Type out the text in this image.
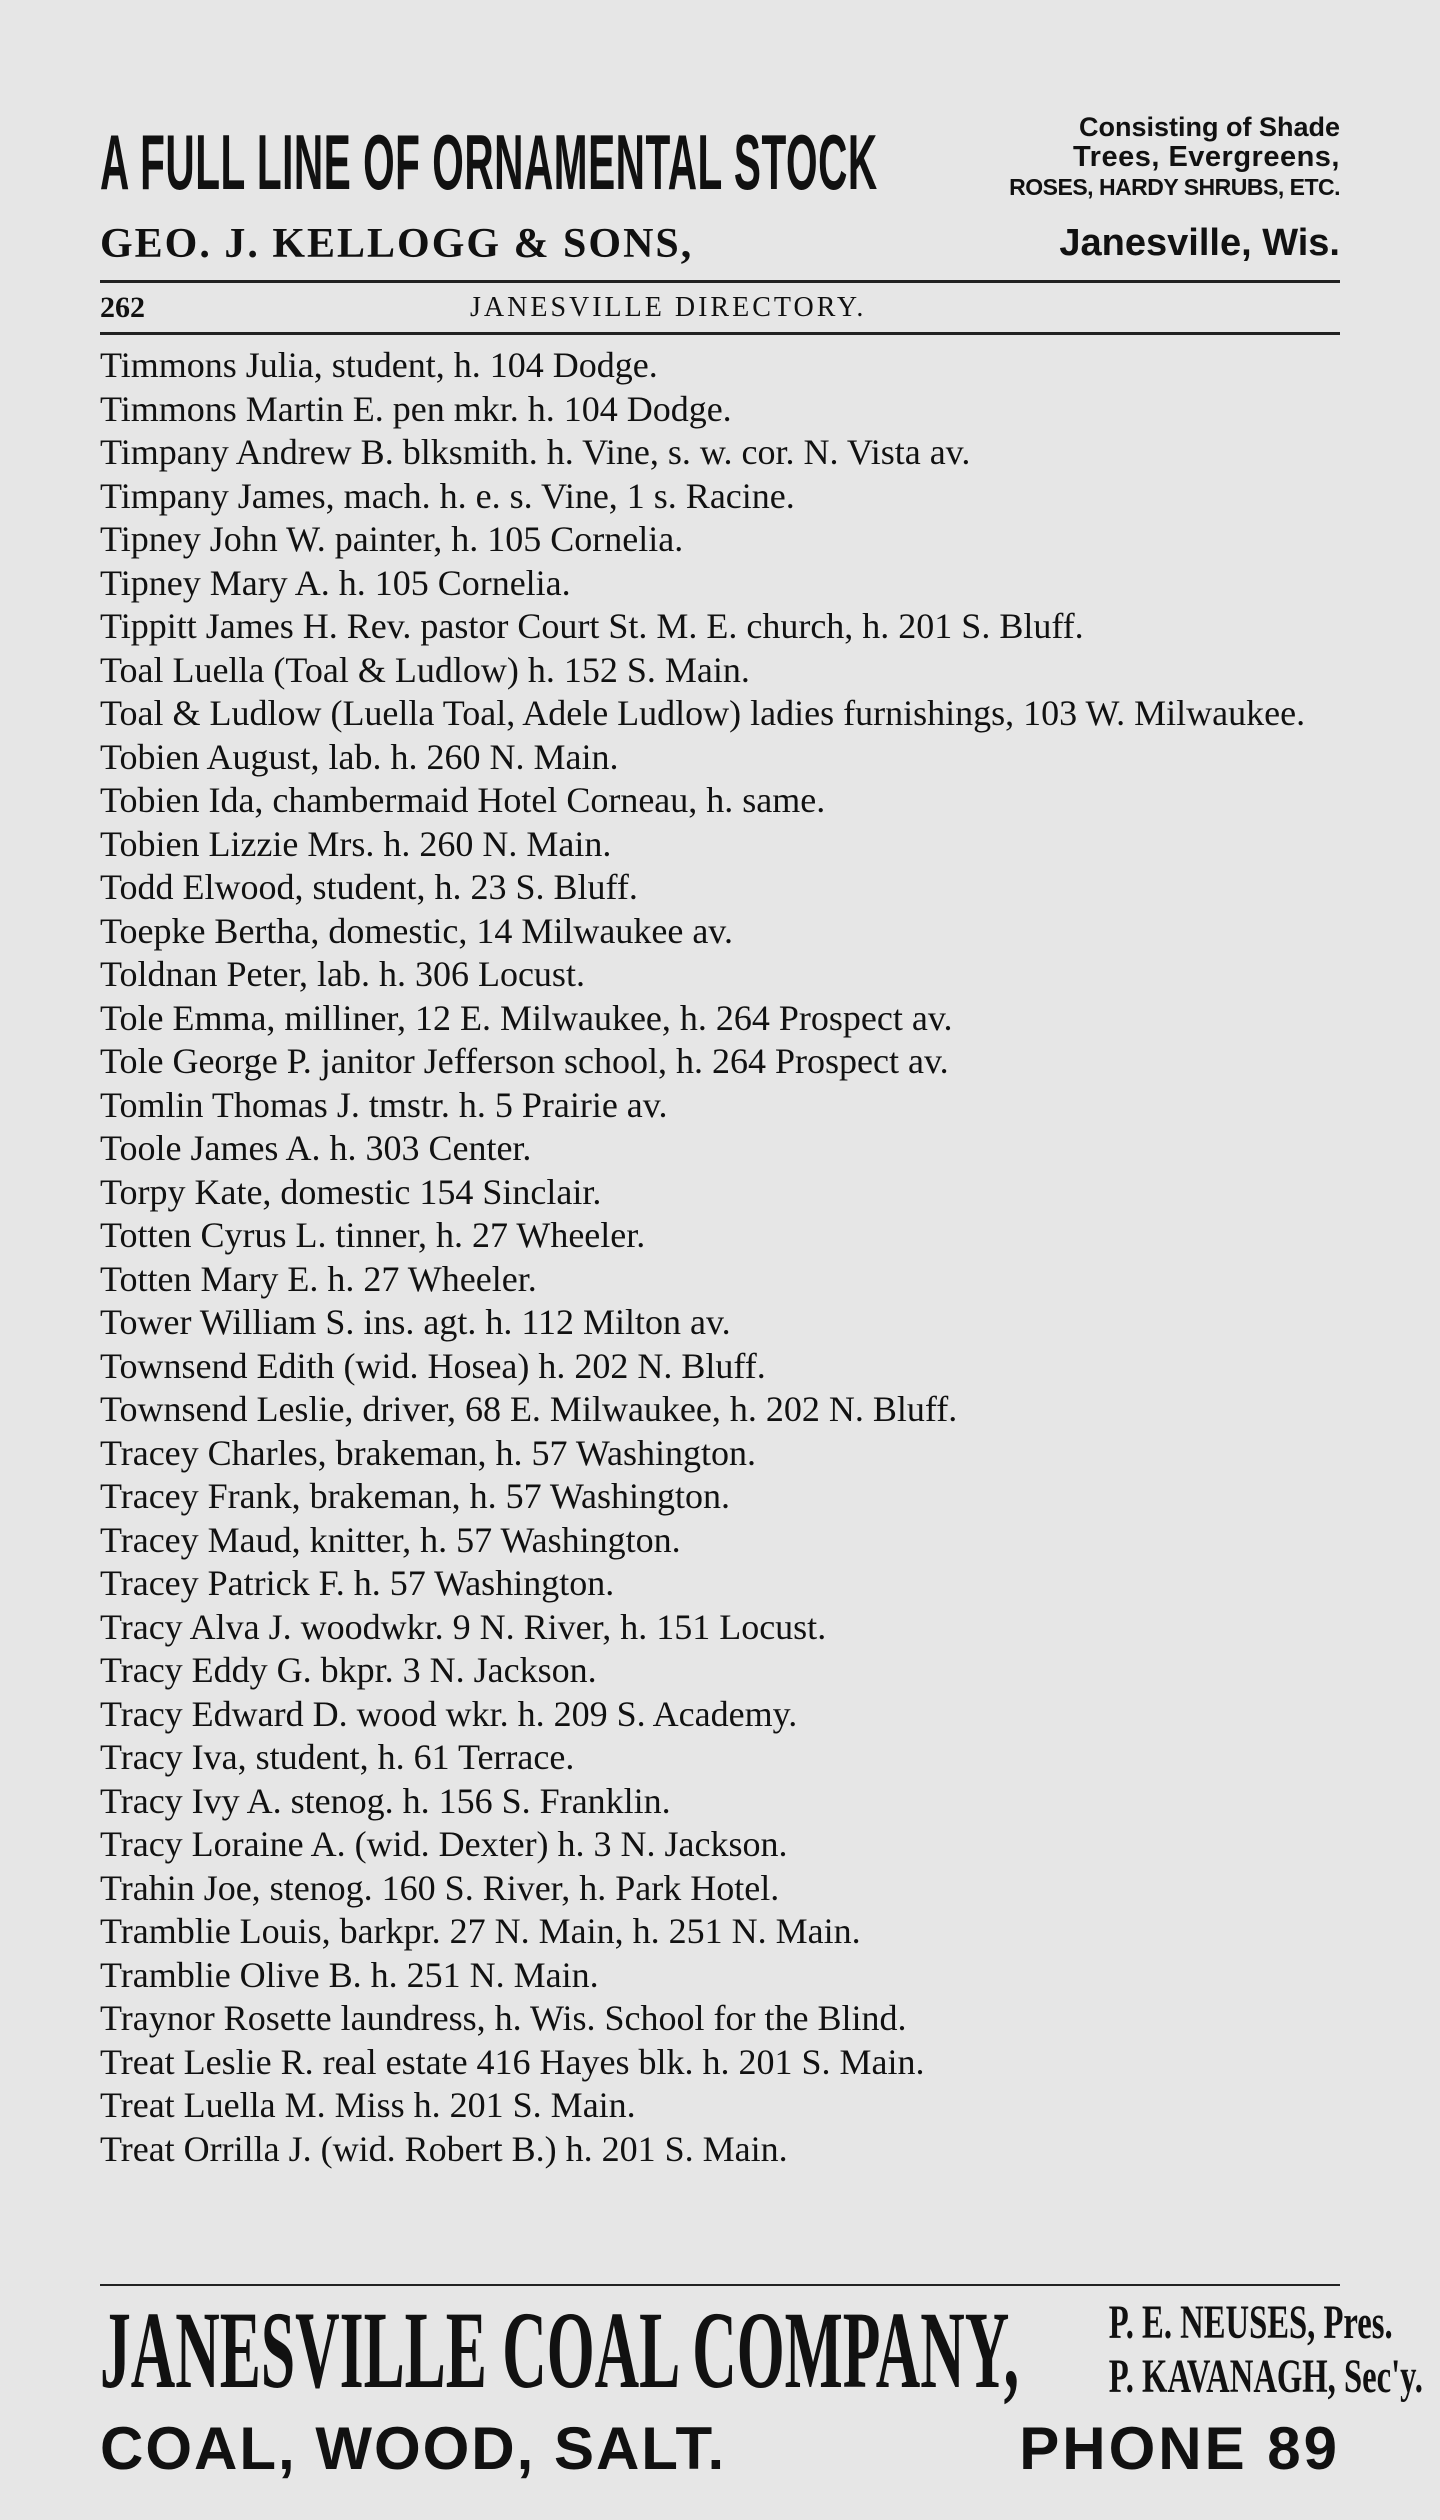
A FULL LINE OF ORNAMENTAL STOCK	Consisting of Shade
Trees, Evergreens,
ROSES, HARDY SHRUBS, ETC.
GEO. J. KELLOGG & SONS,	Janesville, Wis.
262	JANESVILLE DIRECTORY.
Timmons Julia, student, h. 104 Dodge.
Timmons Martin E. pen mkr. h. 104 Dodge.
Timpany Andrew B. blksmith. h. Vine, s. w. cor. N. Vista av.
Timpany James, mach. h. e. s. Vine, 1 s. Racine.
Tipney John W. painter, h. 105 Cornelia.
Tipney Mary A. h. 105 Cornelia.
Tippitt James H. Rev. pastor Court St. M. E. church, h. 201 S. Bluff.
Toal Luella (Toal & Ludlow) h. 152 S. Main.
Toal & Ludlow (Luella Toal, Adele Ludlow) ladies furnishings, 103 W. Milwaukee.
Tobien August, lab. h. 260 N. Main.
Tobien Ida, chambermaid Hotel Corneau, h. same.
Tobien Lizzie Mrs. h. 260 N. Main.
Todd Elwood, student, h. 23 S. Bluff.
Toepke Bertha, domestic, 14 Milwaukee av.
Toldnan Peter, lab. h. 306 Locust.
Tole Emma, milliner, 12 E. Milwaukee, h. 264 Prospect av.
Tole George P. janitor Jefferson school, h. 264 Prospect av.
Tomlin Thomas J. tmstr. h. 5 Prairie av.
Toole James A. h. 303 Center.
Torpy Kate, domestic 154 Sinclair.
Totten Cyrus L. tinner, h. 27 Wheeler.
Totten Mary E. h. 27 Wheeler.
Tower William S. ins. agt. h. 112 Milton av.
Townsend Edith (wid. Hosea) h. 202 N. Bluff.
Townsend Leslie, driver, 68 E. Milwaukee, h. 202 N. Bluff.
Tracey Charles, brakeman, h. 57 Washington.
Tracey Frank, brakeman, h. 57 Washington.
Tracey Maud, knitter, h. 57 Washington.
Tracey Patrick F. h. 57 Washington.
Tracy Alva J. woodwkr. 9 N. River, h. 151 Locust.
Tracy Eddy G. bkpr. 3 N. Jackson.
Tracy Edward D. wood wkr. h. 209 S. Academy.
Tracy Iva, student, h. 61 Terrace.
Tracy Ivy A. stenog. h. 156 S. Franklin.
Tracy Loraine A. (wid. Dexter) h. 3 N. Jackson.
Trahin Joe, stenog. 160 S. River, h. Park Hotel.
Tramblie Louis, barkpr. 27 N. Main, h. 251 N. Main.
Tramblie Olive B. h. 251 N. Main.
Traynor Rosette laundress, h. Wis. School for the Blind.
Treat Leslie R. real estate 416 Hayes blk. h. 201 S. Main.
Treat Luella M. Miss h. 201 S. Main.
Treat Orrilla J. (wid. Robert B.) h. 201 S. Main.
JANESVILLE COAL COMPANY, P. E. NEUSES, Pres.
P. KAVANAGH, Sec'y.
COAL, WOOD, SALT.	PHONE 89
